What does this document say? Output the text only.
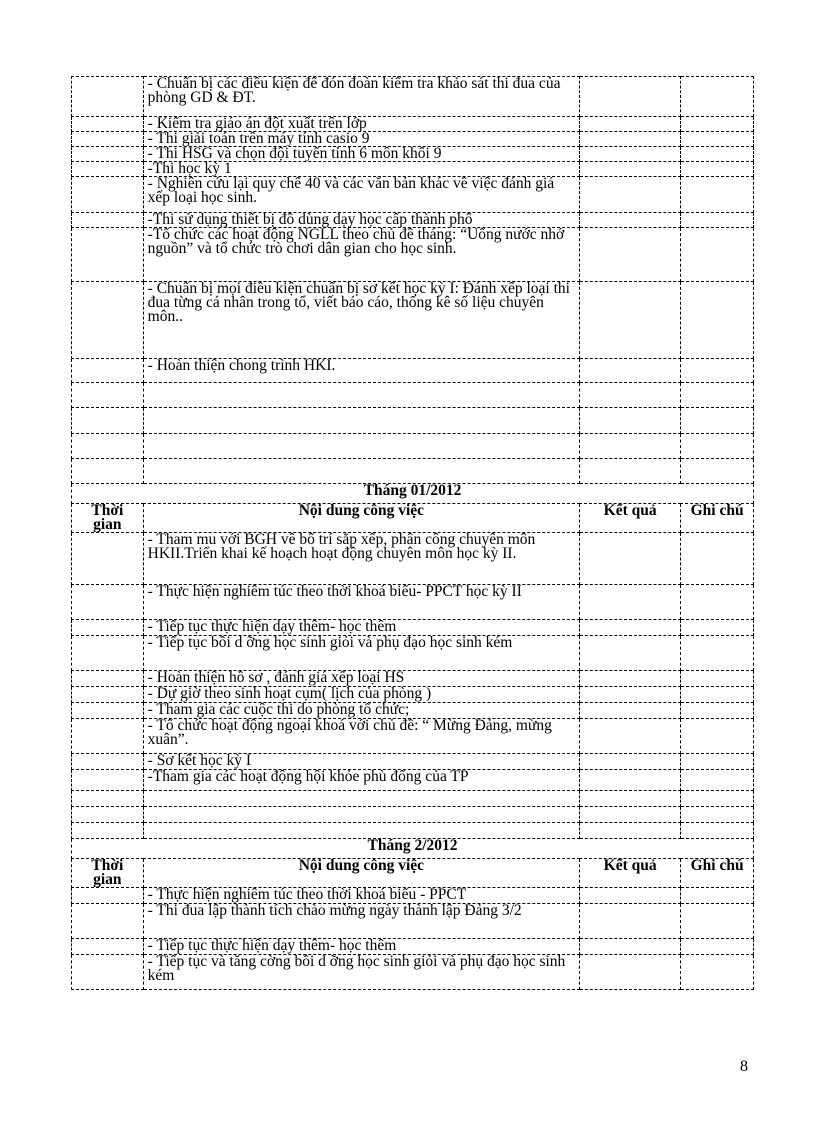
	- Chuẩn bị các điều kiện để đón đoàn kiểm tra khảo sát thi đua của phòng GD & ĐT.		
	- Kiểm tra giáo án đột xuất trên lớp		
	- Thi giải toán trên máy tính casio 9		
	- Thi HSG và chọn đội tuyển tỉnh 6 môn khối 9		
	-Thi học kỳ 1		
	- Nghiên cứu lại quy chế 40 và các văn bản khác về việc đánh giá xếp loại học sinh.		
	-Thi sử dụng thiết bị đồ dùng dạy học cấp thành phố		
	-Tổ chức các hoạt động NGLL theo chủ đề tháng: “Uống nước nhớ nguồn” và tổ chức trò chơi dân gian cho học sinh.		
	- Chuẩn bị mọi điều kiện chuẩn bị sơ kết học kỳ I: Đánh xếp loại thi đua từng cá nhân trong tổ, viết báo cáo, thống kê số liệu chuyên môn..		
	- Hoàn thiện chong trình HKI.		

Tháng 01/2012			
Thời gian	Nội dung công việc	Kết quả	Ghi chú
	- Tham mu với BGH về bố trí sắp xếp, phân công chuyên môn HKII.Triển khai kế hoạch hoạt động chuyên môn học kỳ II.		
	- Thực hiện nghiêm túc theo thời khoá biểu- PPCT học kỳ II		
	- Tiếp tục thực hiện dạy thêm- học thêm		
	- Tiếp tục bồi d ỡng học sinh giỏi và phụ đạo học sinh kém		
	- Hoàn thiện hồ sơ , đánh giá xếp loại HS		
	- Dự giờ theo sinh hoạt cụm( lịch của phòng )		
	- Tham gia các cuộc thi do phòng tổ chức;		
	- Tổ chức hoạt động ngoại khoá với chủ đề: “ Mừng Đảng, mừng xuân”.		
	- Sơ kết học kỳ I		
	-Tham gia các hoạt động hội khỏe phù đổng của TP		

Tháng 2/2012			
Thời gian	Nội dung công việc	Kết quả	Ghi chú
	- Thực hiện nghiêm túc theo thời khoá biểu - PPCT		
	- Thi đua lập thành tích chào mừng ngày thành lập Đảng 3/2		
	- Tiếp tục thực hiện dạy thêm- học thêm		
	- Tiếp tục và tăng cờng bồi d ỡng học sinh giỏi và phụ đạo học sinh kém		
8
